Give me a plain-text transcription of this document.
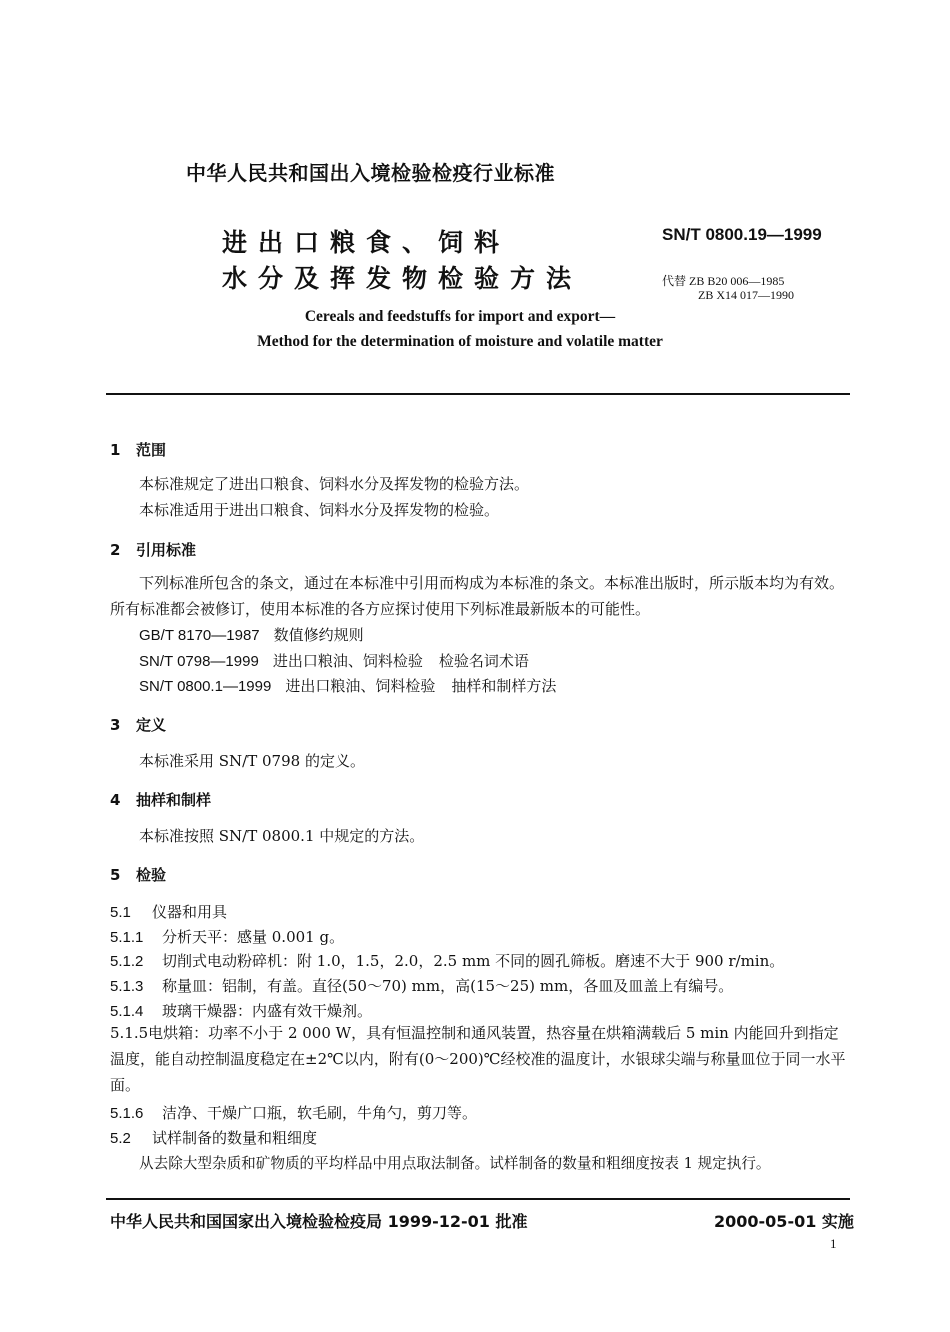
中华人民共和国出入境检验检疫行业标准
进出口粮食、饲料
水分及挥发物检验方法
SN/T 0800.19—1999
代替 ZB B20 006—1985
ZB X14 017—1990
Cereals and feedstuffs for import and export—
Method for the determination of moisture and volatile matter
1 范围
本标准规定了进出口粮食、饲料水分及挥发物的检验方法。
本标准适用于进出口粮食、饲料水分及挥发物的检验。
2 引用标准
下列标准所包含的条文，通过在本标准中引用而构成为本标准的条文。本标准出版时，所示版本均为有效。所有标准都会被修订，使用本标准的各方应探讨使用下列标准最新版本的可能性。
GB/T 8170—1987 数值修约规则
SN/T 0798—1999 进出口粮油、饲料检验 检验名词术语
SN/T 0800.1—1999 进出口粮油、饲料检验 抽样和制样方法
3 定义
本标准采用 SN/T 0798 的定义。
4 抽样和制样
本标准按照 SN/T 0800.1 中规定的方法。
5 检验
5.1 仪器和用具
5.1.1 分析天平：感量 0.001 g。
5.1.2 切削式电动粉碎机：附 1.0，1.5，2.0，2.5 mm 不同的圆孔筛板。磨速不大于 900 r/min。
5.1.3 称量皿：铝制，有盖。直径(50～70) mm，高(15～25) mm，各皿及皿盖上有编号。
5.1.4 玻璃干燥器：内盛有效干燥剂。
5.1.5电烘箱：功率不小于 2 000 W，具有恒温控制和通风装置，热容量在烘箱满载后 5 min 内能回升到指定温度，能自动控制温度稳定在±2℃以内，附有(0～200)℃经校准的温度计，水银球尖端与称量皿位于同一水平面。
5.1.6 洁净、干燥广口瓶，软毛刷，牛角勺，剪刀等。
5.2 试样制备的数量和粗细度
从去除大型杂质和矿物质的平均样品中用点取法制备。试样制备的数量和粗细度按表 1 规定执行。
中华人民共和国国家出入境检验检疫局 1999-12-01 批准	2000-05-01 实施
1
